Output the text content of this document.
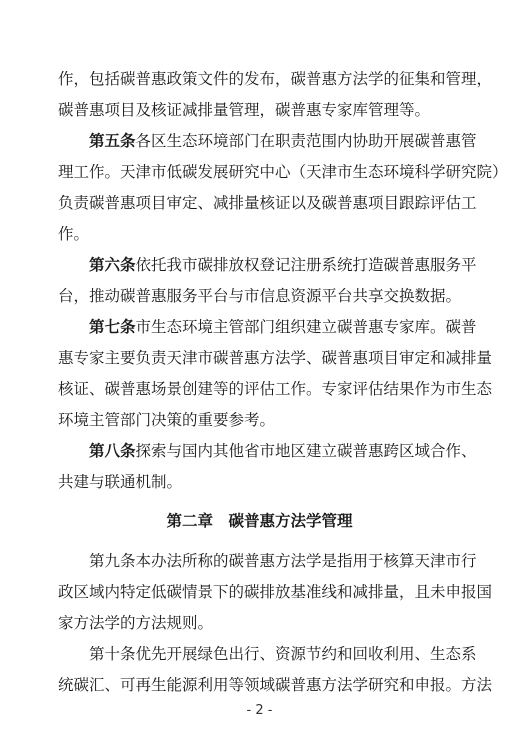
作，包括碳普惠政策文件的发布，碳普惠方法学的征集和管理，
碳普惠项目及核证减排量管理，碳普惠专家库管理等。
第五条各区生态环境部门在职责范围内协助开展碳普惠管
理工作。天津市低碳发展研究中心（天津市生态环境科学研究院）
负责碳普惠项目审定、减排量核证以及碳普惠项目跟踪评估工
作。
第六条依托我市碳排放权登记注册系统打造碳普惠服务平
台，推动碳普惠服务平台与市信息资源平台共享交换数据。
第七条市生态环境主管部门组织建立碳普惠专家库。碳普
惠专家主要负责天津市碳普惠方法学、碳普惠项目审定和减排量
核证、碳普惠场景创建等的评估工作。专家评估结果作为市生态
环境主管部门决策的重要参考。
第八条探索与国内其他省市地区建立碳普惠跨区域合作、
共建与联通机制。
第二章　碳普惠方法学管理
第九条本办法所称的碳普惠方法学是指用于核算天津市行
政区域内特定低碳情景下的碳排放基准线和减排量，且未申报国
家方法学的方法规则。
第十条优先开展绿色出行、资源节约和回收利用、生态系
统碳汇、可再生能源利用等领域碳普惠方法学研究和申报。方法
- 2 -
